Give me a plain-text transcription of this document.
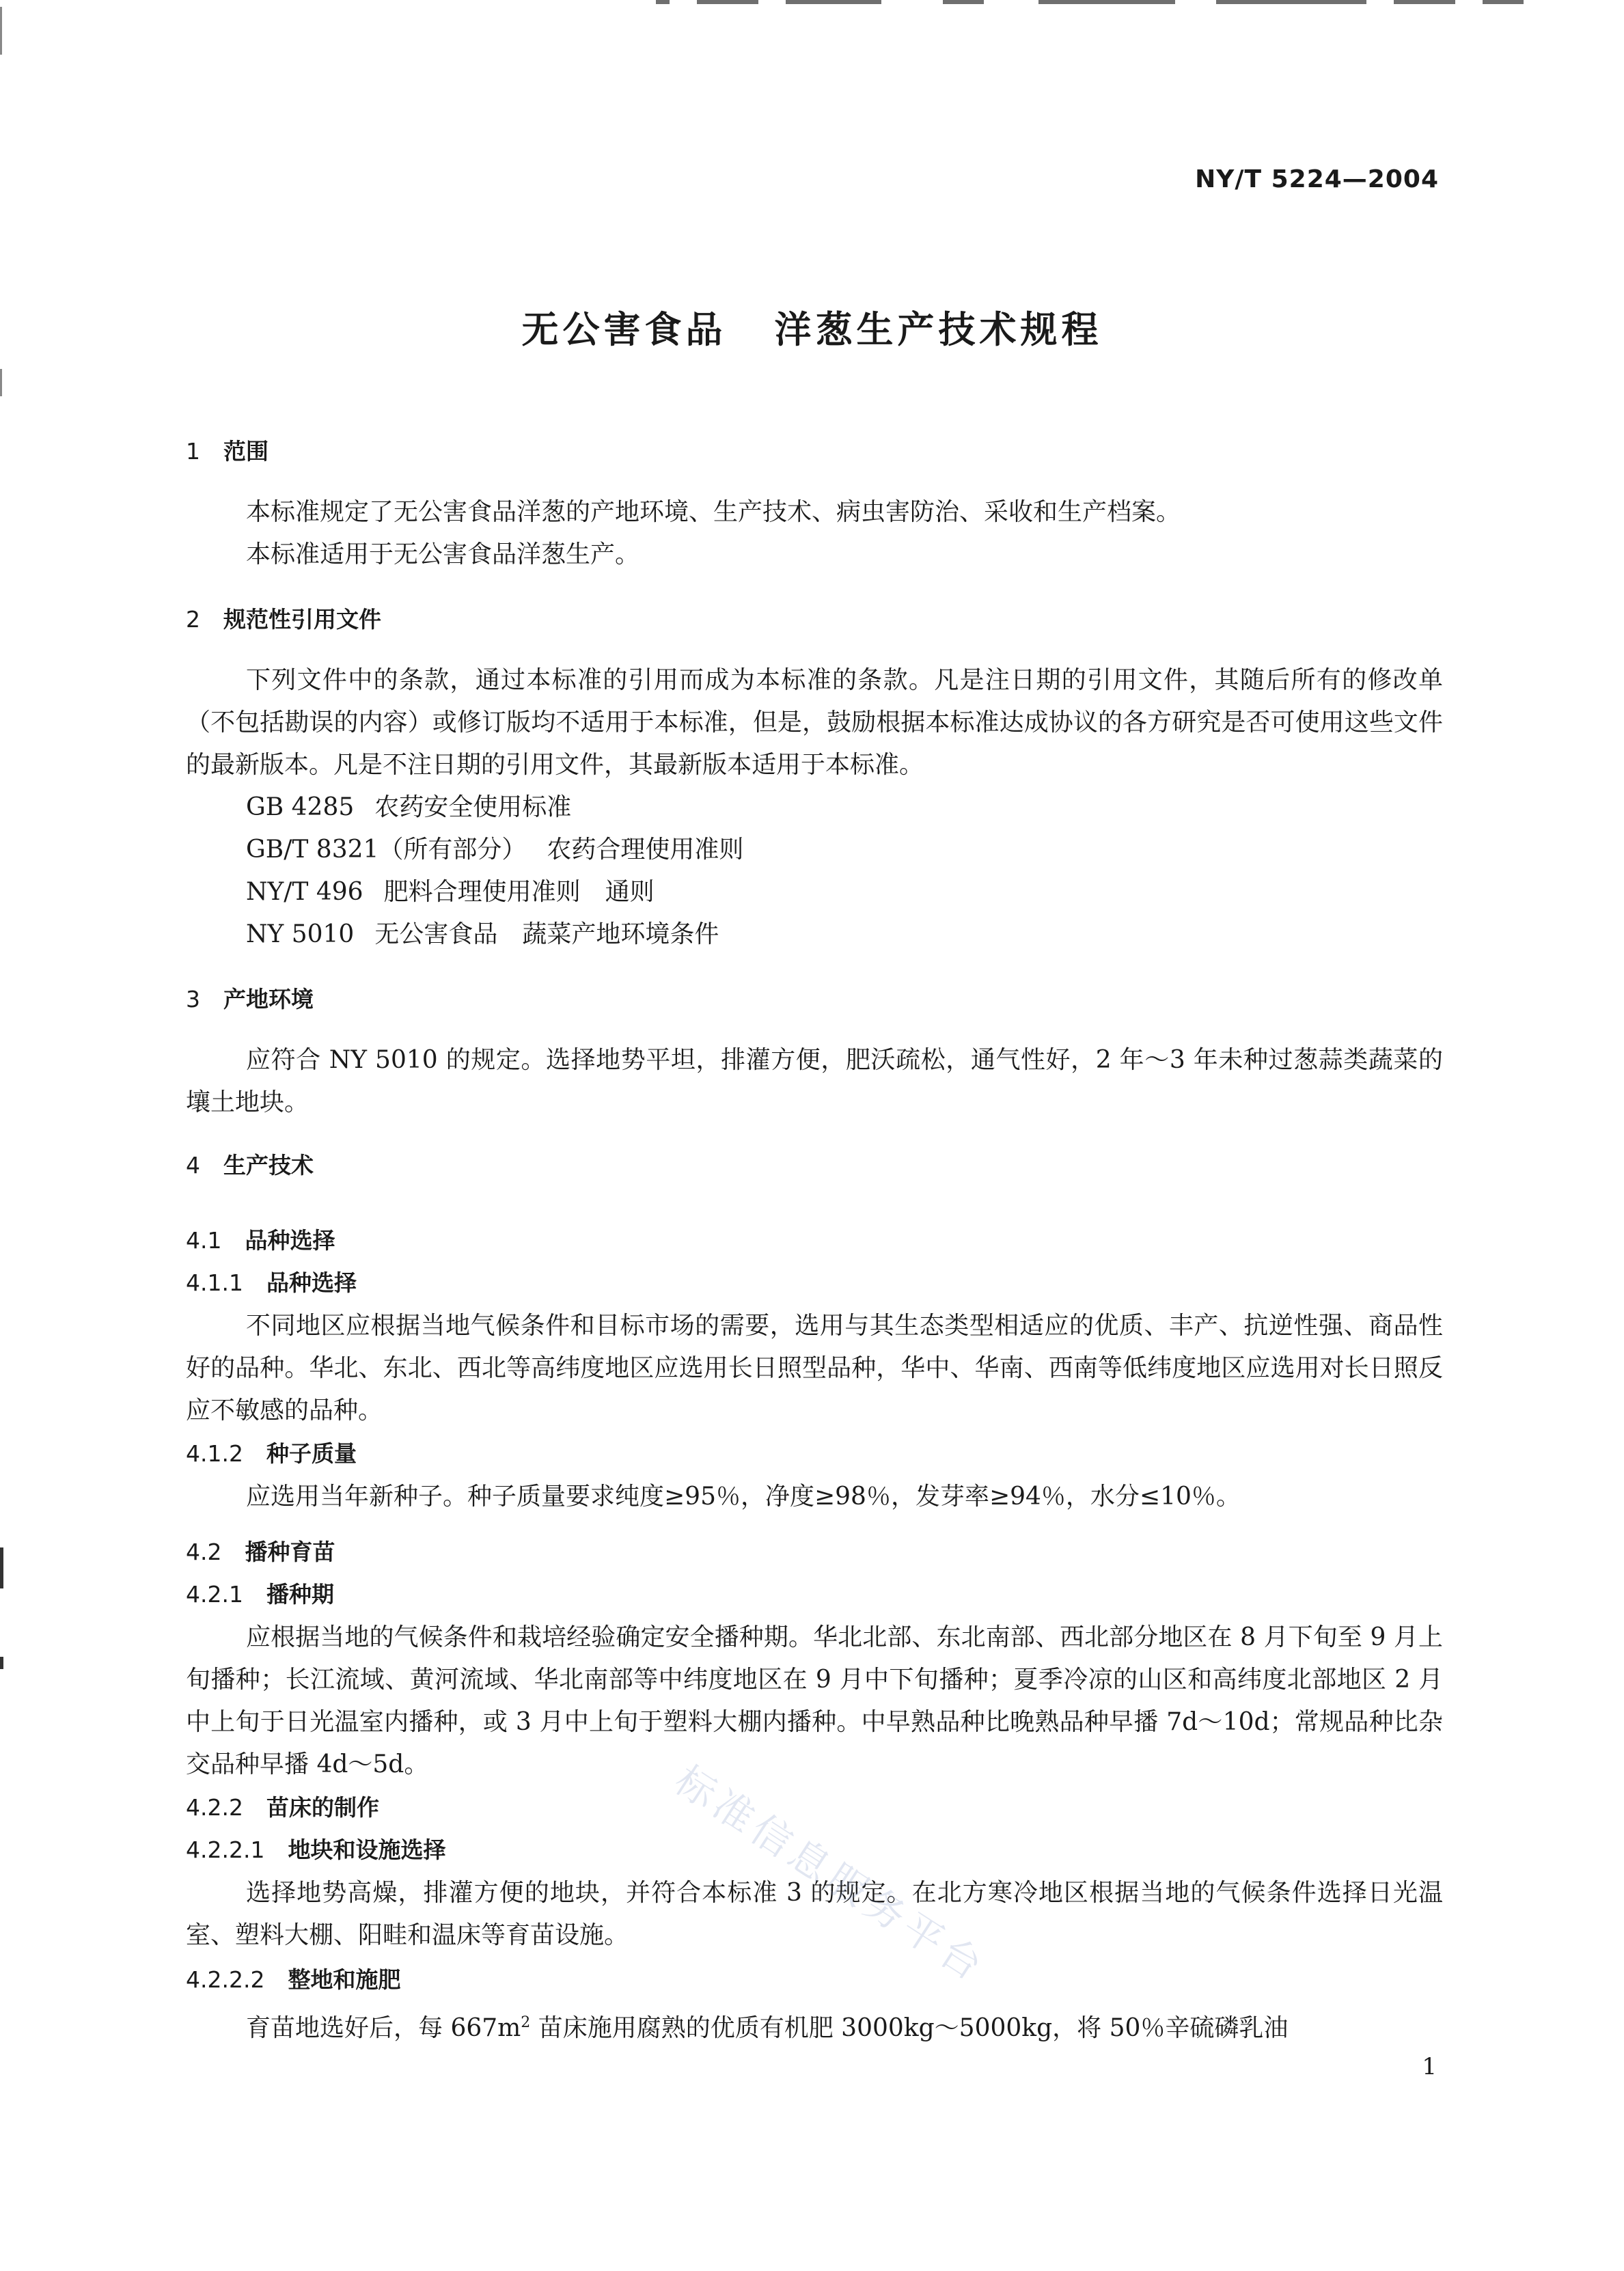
NY/T 5224—2004
无公害食品 洋葱生产技术规程
1 范围

本标准规定了无公害食品洋葱的产地环境、生产技术、病虫害防治、采收和生产档案。

本标准适用于无公害食品洋葱生产。

2 规范性引用文件

下列文件中的条款，通过本标准的引用而成为本标准的条款。凡是注日期的引用文件，其随后所有的修改单（不包括勘误的内容）或修订版均不适用于本标准，但是，鼓励根据本标准达成协议的各方研究是否可使用这些文件的最新版本。凡是不注日期的引用文件，其最新版本适用于本标准。

GB 4285 农药安全使用标准
GB/T 8321（所有部分） 农药合理使用准则
NY/T 496 肥料合理使用准则　通则
NY 5010 无公害食品　蔬菜产地环境条件
3 产地环境

应符合 NY 5010 的规定。选择地势平坦，排灌方便，肥沃疏松，通气性好，2 年～3 年未种过葱蒜类蔬菜的壤土地块。

4 生产技术
4.1 品种选择
4.1.1 品种选择

不同地区应根据当地气候条件和目标市场的需要，选用与其生态类型相适应的优质、丰产、抗逆性强、商品性好的品种。华北、东北、西北等高纬度地区应选用长日照型品种，华中、华南、西南等低纬度地区应选用对长日照反应不敏感的品种。

4.1.2 种子质量

应选用当年新种子。种子质量要求纯度≥95％，净度≥98％，发芽率≥94％，水分≤10％。

4.2 播种育苗
4.2.1 播种期

应根据当地的气候条件和栽培经验确定安全播种期。华北北部、东北南部、西北部分地区在 8 月下旬至 9 月上旬播种；长江流域、黄河流域、华北南部等中纬度地区在 9 月中下旬播种；夏季冷凉的山区和高纬度北部地区 2 月中上旬于日光温室内播种，或 3 月中上旬于塑料大棚内播种。中早熟品种比晚熟品种早播 7d～10d；常规品种比杂交品种早播 4d～5d。

4.2.2 苗床的制作
4.2.2.1 地块和设施选择

选择地势高燥，排灌方便的地块，并符合本标准 3 的规定。在北方寒冷地区根据当地的气候条件选择日光温室、塑料大棚、阳畦和温床等育苗设施。

4.2.2.2 整地和施肥

育苗地选好后，每 $667m^2$ 苗床施用腐熟的优质有机肥 3000kg～5000kg，将 50％辛硫磷乳油

1
标准信息服务平台
